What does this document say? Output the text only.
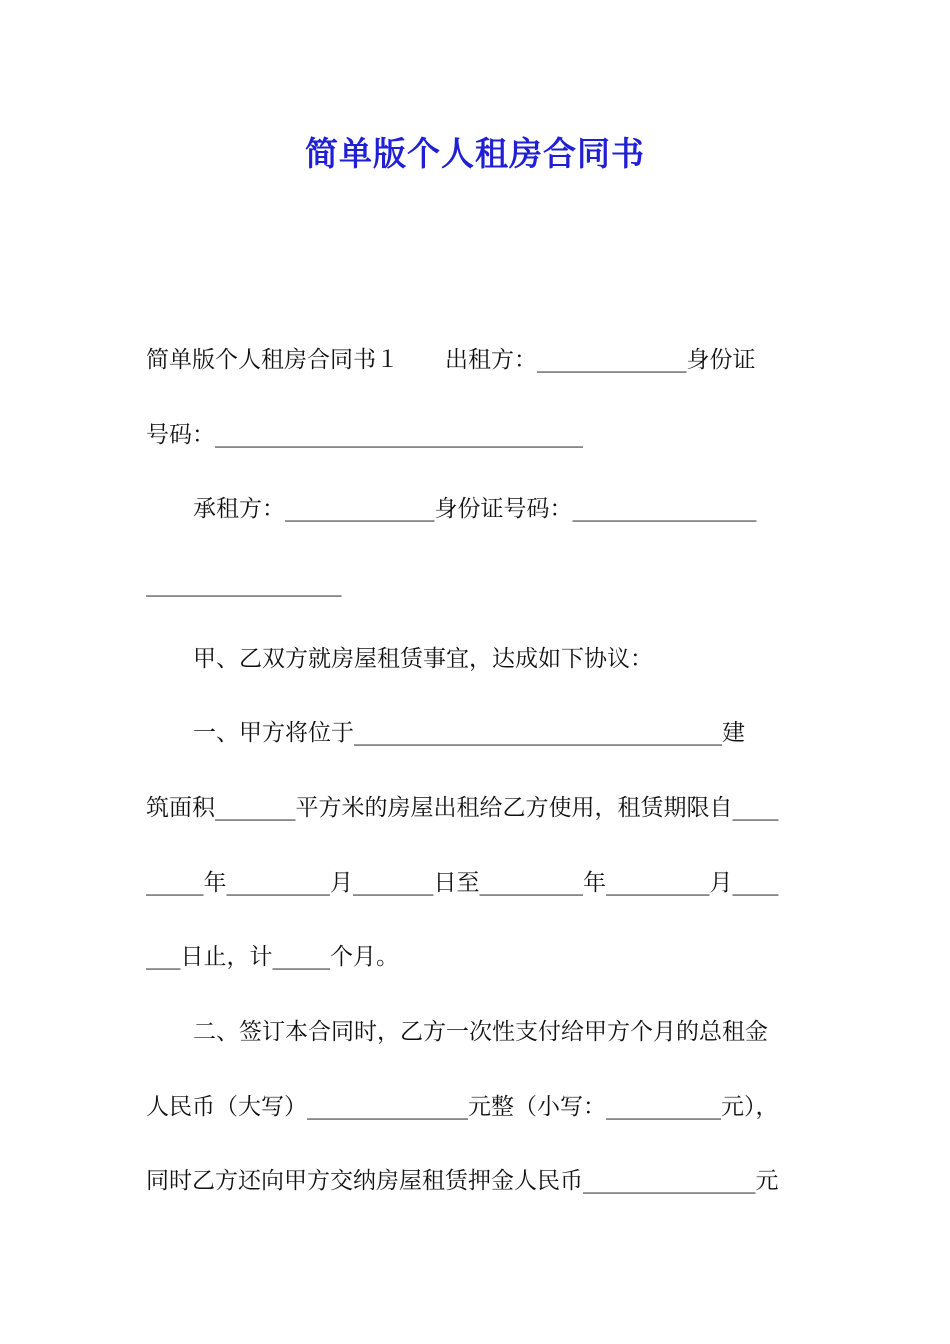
简单版个人租房合同书
简单版个人租房合同书１　　出租方：_____________身份证
号码：________________________________
承租方：_____________身份证号码：________________
_________________
甲、乙双方就房屋租赁事宜，达成如下协议：
一、甲方将位于________________________________建
筑面积_______平方米的房屋出租给乙方使用，租赁期限自____
_____年_________月_______日至_________年_________月____
___日止，计_____个月。
二、签订本合同时，乙方一次性支付给甲方个月的总租金
人民币（大写）______________元整（小写：__________元），
同时乙方还向甲方交纳房屋租赁押金人民币_______________元
